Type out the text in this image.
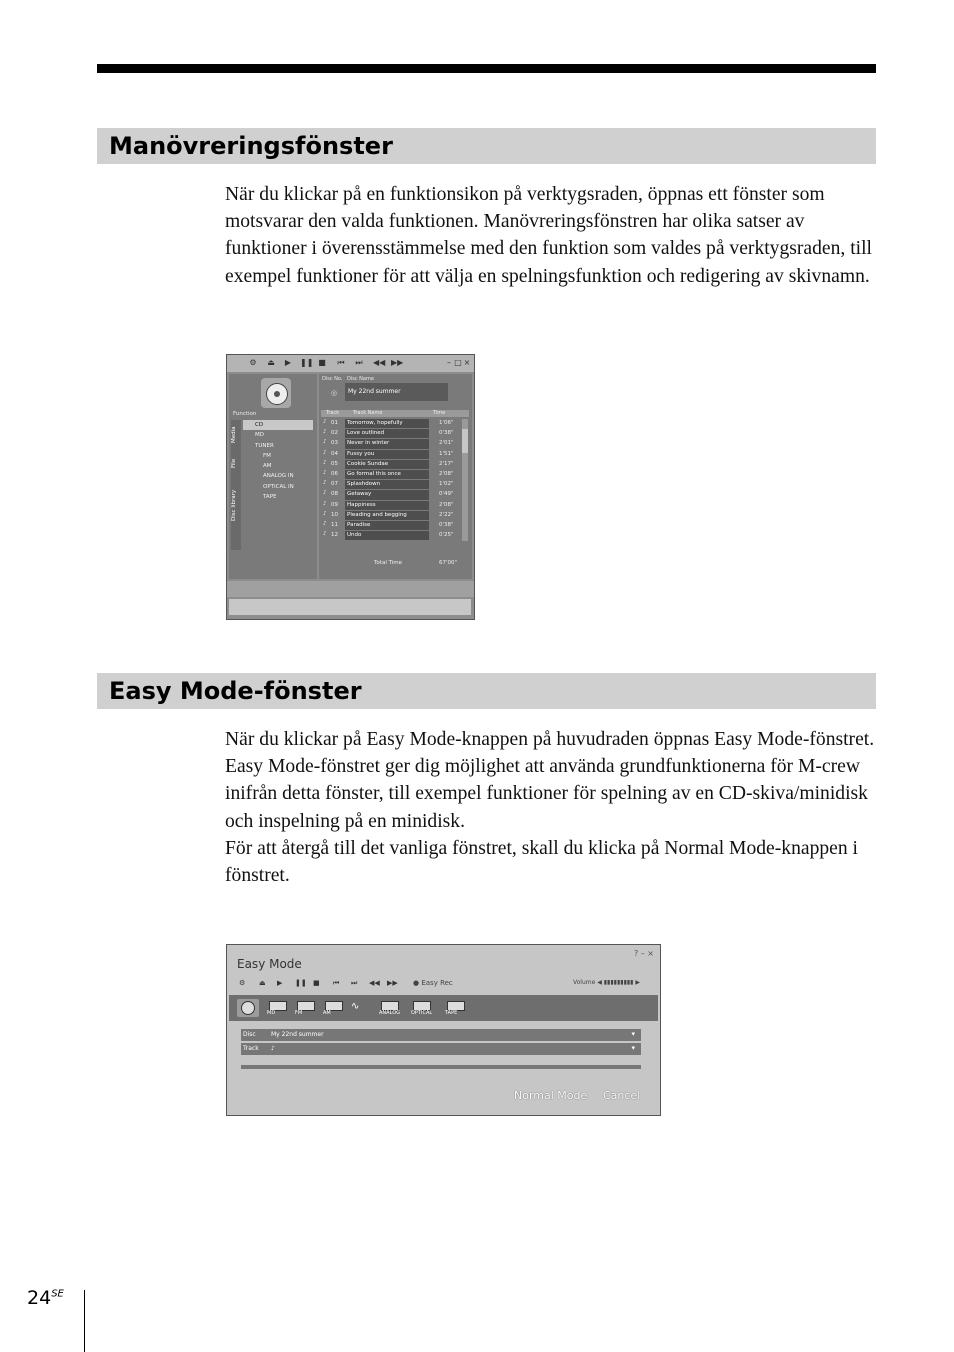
Manövreringsfönster

När du klickar på en funktionsikon på verktygsraden, öppnas ett fönster som motsvarar den valda funktionen. Manövreringsfönstren har olika satser av funktioner i överensstämmelse med den funktion som valdes på verktygsraden, till exempel funktioner för att välja en spelningsfunktion och redigering av skivnamn.

⚙ ⏏ ▶ ❚❚ ■ ⏮ ⏭ ◀◀ ▶▶	– □ ×
Function
Media
File
Disc library
CD
MD
TUNER
FM
AM
ANALOG IN
OPTICAL IN
TAPE
Disc No. Disc Name
◎ My 22nd summer
Track	Track Name	Time
♪ 01	Tomorrow, hopefully	1'06"
♪ 02	Love outlined	0'38"
♪ 03	Never in winter	2'01"
♪ 04	Fussy you	1'51"
♪ 05	Cookie Sundae	2'17"
♪ 06	Go formal this once	2'08"
♪ 07	Splashdown	1'02"
♪ 08	Getaway	0'49"
♪ 09	Happiness	2'08"
♪ 10	Pleading and begging	2'22"
♪ 11	Paradise	0'38"
♪ 12	Undo	0'25"
Total Time	67'00"
Easy Mode-fönster

När du klickar på Easy Mode-knappen på huvudraden öppnas Easy Mode-fönstret. Easy Mode-fönstret ger dig möjlighet att använda grundfunktionerna för M-crew inifrån detta fönster, till exempel funktioner för spelning av en CD-skiva/minidisk och inspelning på en minidisk.

För att återgå till det vanliga fönstret, skall du klicka på Normal Mode-knappen i fönstret.

Easy Mode
? – ×
⚙ ⏏ ▶ ❚❚ ■ ⏮ ⏭ ◀◀ ▶▶ ● Easy Rec	Volume ◀ ▮▮▮▮▮▮▮▮▮ ▶
MD	FM	AM
∿
ANALOG OPTICAL	TAPE
Disc	My 22nd summer	▾
Track ♪	▾
Normal Mode Cancel
$24^{SE}$
